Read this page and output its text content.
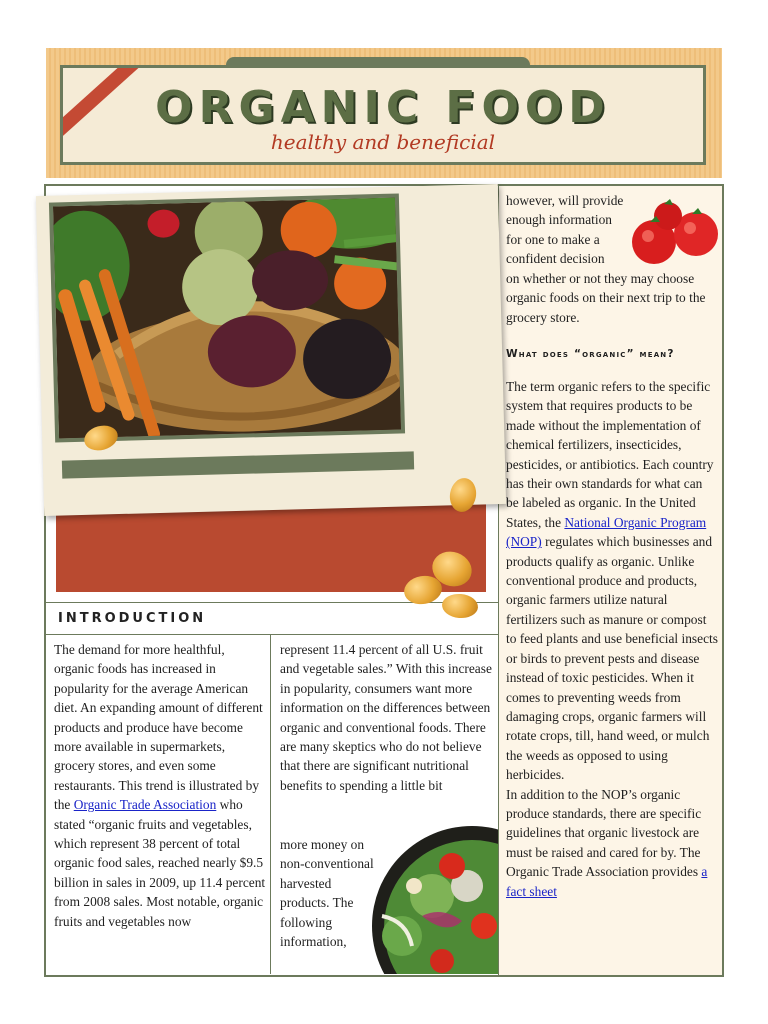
ORGANIC FOOD
healthy and beneficial
INTRODUCTION
The demand for more healthful, organic foods has increased in popularity for the average American diet. An expanding amount of different products and produce have become more available in supermarkets, grocery stores, and even some restaurants. This trend is illustrated by the Organic Trade Association who stated “organic fruits and vegetables, which represent 38 percent of total organic food sales, reached nearly $9.5 billion in sales in 2009, up 11.4 percent from 2008 sales. Most notable, organic fruits and vegetables now
represent 11.4 percent of all U.S. fruit and vegetable sales.” With this increase in popularity, consumers want more information on the differences between organic and conventional foods. There are many skeptics who do not believe that there are significant nutritional benefits to spending a little bit
more money on non-conventional harvested products. The following information,
however, will provide enough information for one to make a confident decision
on whether or not they may choose organic foods on their next trip to the grocery store.
What does “organic” mean?

The term organic refers to the specific system that requires products to be made without the implementation of chemical fertilizers, insecticides, pesticides, or antibiotics. Each country has their own standards for what can be labeled as organic. In the United States, the National Organic Program (NOP) regulates which businesses and products qualify as organic. Unlike conventional produce and products, organic farmers utilize natural fertilizers such as manure or compost to feed plants and use beneficial insects or birds to prevent pests and disease instead of toxic pesticides. When it comes to preventing weeds from damaging crops, organic farmers will rotate crops, till, hand weed, or mulch the weeds as opposed to using herbicides.

In addition to the NOP’s organic produce standards, there are specific guidelines that organic livestock are must be raised and cared for by. The Organic Trade Association provides a fact sheet
